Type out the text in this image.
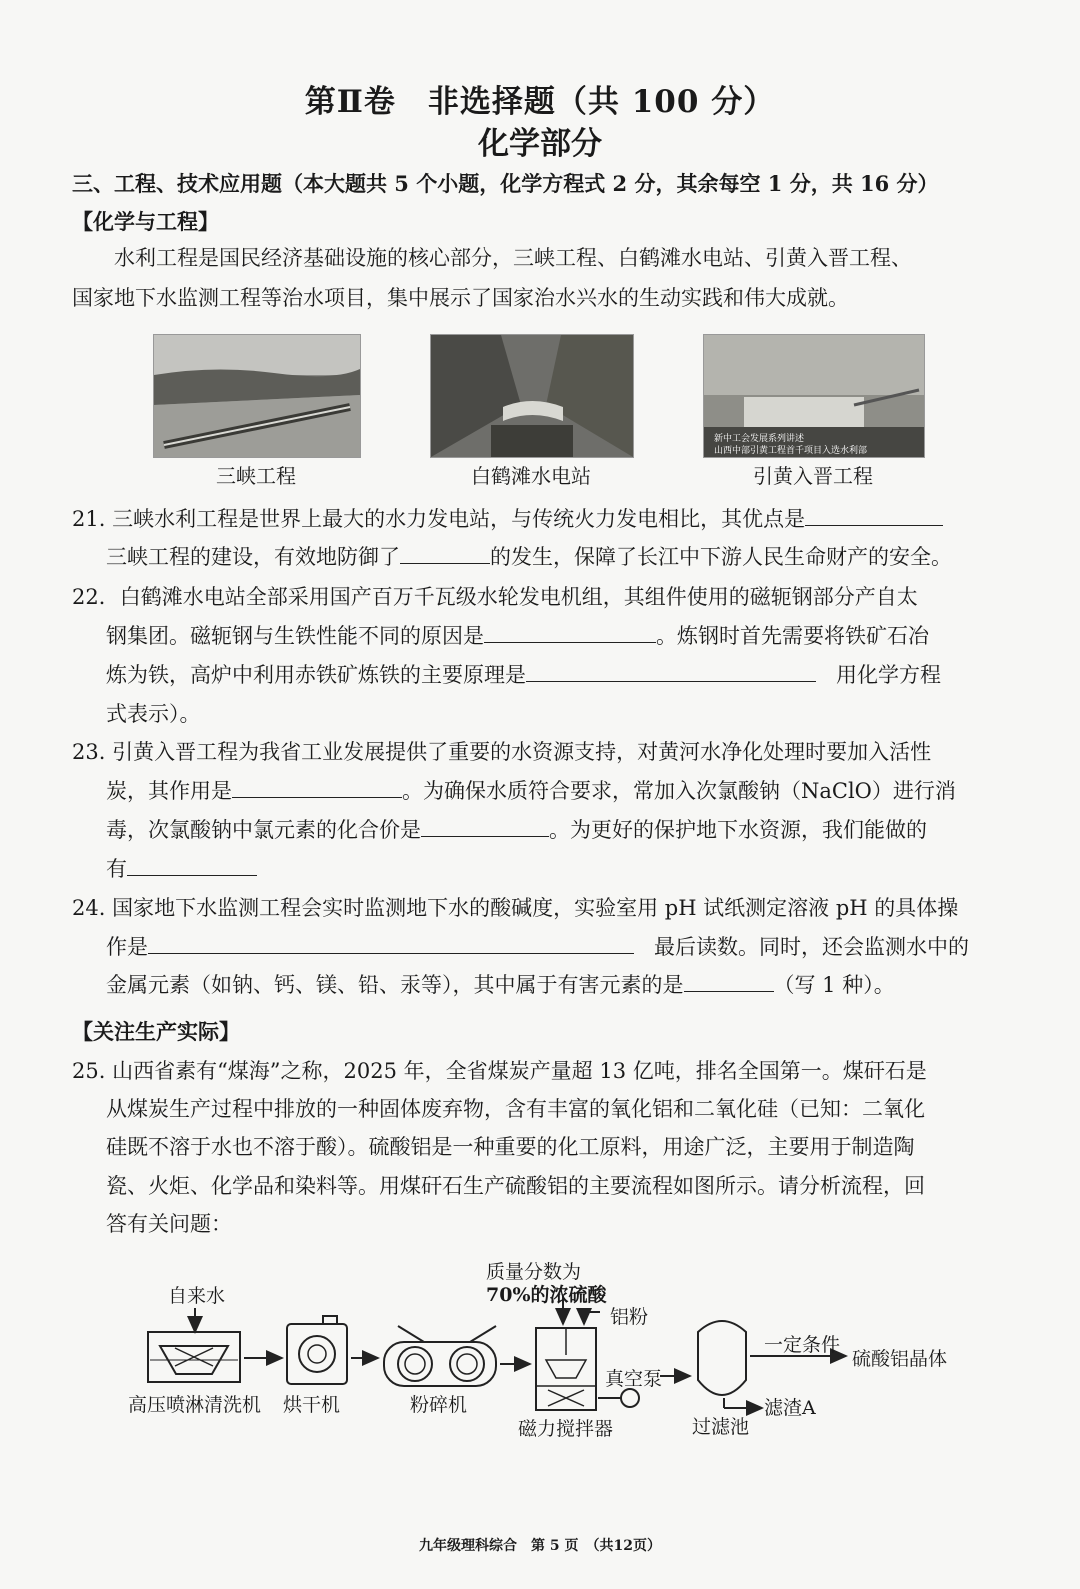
第Ⅱ卷　非选择题（共 100 分）
化学部分
三、工程、技术应用题（本大题共 5 个小题，化学方程式 2 分，其余每空 1 分，共 16 分）
【化学与工程】
水利工程是国民经济基础设施的核心部分，三峡工程、白鹤滩水电站、引黄入晋工程、
国家地下水监测工程等治水项目，集中展示了国家治水兴水的生动实践和伟大成就。
新中工会发展系列讲述
山西中部引黄工程首千项目入选水利部
三峡工程	白鹤滩水电站	引黄入晋工程
21. 三峡水利工程是世界上最大的水力发电站，与传统火力发电相比，其优点是
三峡工程的建设，有效地防御了	的发生，保障了长江中下游人民生命财产的安全。
22．白鹤滩水电站全部采用国产百万千瓦级水轮发电机组，其组件使用的磁轭钢部分产自太
钢集团。磁轭钢与生铁性能不同的原因是	。炼钢时首先需要将铁矿石冶
炼为铁，高炉中利用赤铁矿炼铁的主要原理是	用化学方程
式表示）。
23. 引黄入晋工程为我省工业发展提供了重要的水资源支持，对黄河水净化处理时要加入活性
炭，其作用是	。为确保水质符合要求，常加入次氯酸钠（NaClO）进行消
毒，次氯酸钠中氯元素的化合价是	。为更好的保护地下水资源，我们能做的
有
24. 国家地下水监测工程会实时监测地下水的酸碱度，实验室用 pH 试纸测定溶液 pH 的具体操
作是	最后读数。同时，还会监测水中的
金属元素（如钠、钙、镁、铅、汞等），其中属于有害元素的是	（写 1 种）。
【关注生产实际】
25. 山西省素有“煤海”之称，2025 年，全省煤炭产量超 13 亿吨，排名全国第一。煤矸石是
从煤炭生产过程中排放的一种固体废弃物，含有丰富的氧化铝和二氧化硅（已知：二氧化
硅既不溶于水也不溶于酸）。硫酸铝是一种重要的化工原料，用途广泛，主要用于制造陶
瓷、火炬、化学品和染料等。用煤矸石生产硫酸铝的主要流程如图所示。请分析流程，回
答有关问题：
自来水
高压喷淋清洗机 烘干机	粉碎机
质量分数为
70%的浓硫酸
铝粉
真空泵
磁力搅拌器	过滤池
滤渣A
一定条件
硫酸铝晶体
九年级理科综合　第 5 页　（共12页）
